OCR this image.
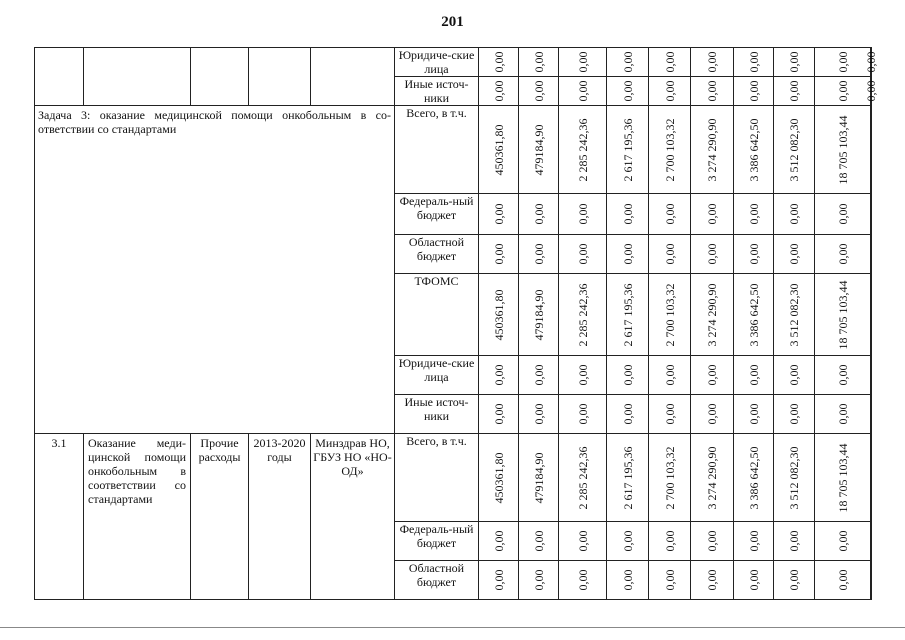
201
					Юридиче-ские лица	0,00	0,00	0,00	0,00	0,00	0,00	0,00	0,00	0,00	0,00

					Иные источ-ники	0,00	0,00	0,00	0,00	0,00	0,00	0,00	0,00	0,00	0,00

Задача 3: оказание медицинской помощи онкобольным в со-ответствии со стандартами					Всего, в т.ч.	450361,80	479184,90	2 285 242,36	2 617 195,36	2 700 103,32	3 274 290,90	3 386 642,50	3 512 082,30	18 705 103,44	

					Федераль-ный бюджет	0,00	0,00	0,00	0,00	0,00	0,00	0,00	0,00	0,00	

					Областной бюджет	0,00	0,00	0,00	0,00	0,00	0,00	0,00	0,00	0,00	

					ТФОМС	450361,80	479184,90	2 285 242,36	2 617 195,36	2 700 103,32	3 274 290,90	3 386 642,50	3 512 082,30	18 705 103,44	

					Юридиче-ские лица	0,00	0,00	0,00	0,00	0,00	0,00	0,00	0,00	0,00	

					Иные источ-ники	0,00	0,00	0,00	0,00	0,00	0,00	0,00	0,00	0,00	

3.1	Оказание меди-цинской помощи онкобольным в соответствии со стандартами	Прочие расходы	2013-2020 годы	Минздрав НО, ГБУЗ НО «НО-ОД»	Всего, в т.ч.	450361,80	479184,90	2 285 242,36	2 617 195,36	2 700 103,32	3 274 290,90	3 386 642,50	3 512 082,30	18 705 103,44	

					Федераль-ный бюджет	0,00	0,00	0,00	0,00	0,00	0,00	0,00	0,00	0,00	

					Областной бюджет	0,00	0,00	0,00	0,00	0,00	0,00	0,00	0,00	0,00	
